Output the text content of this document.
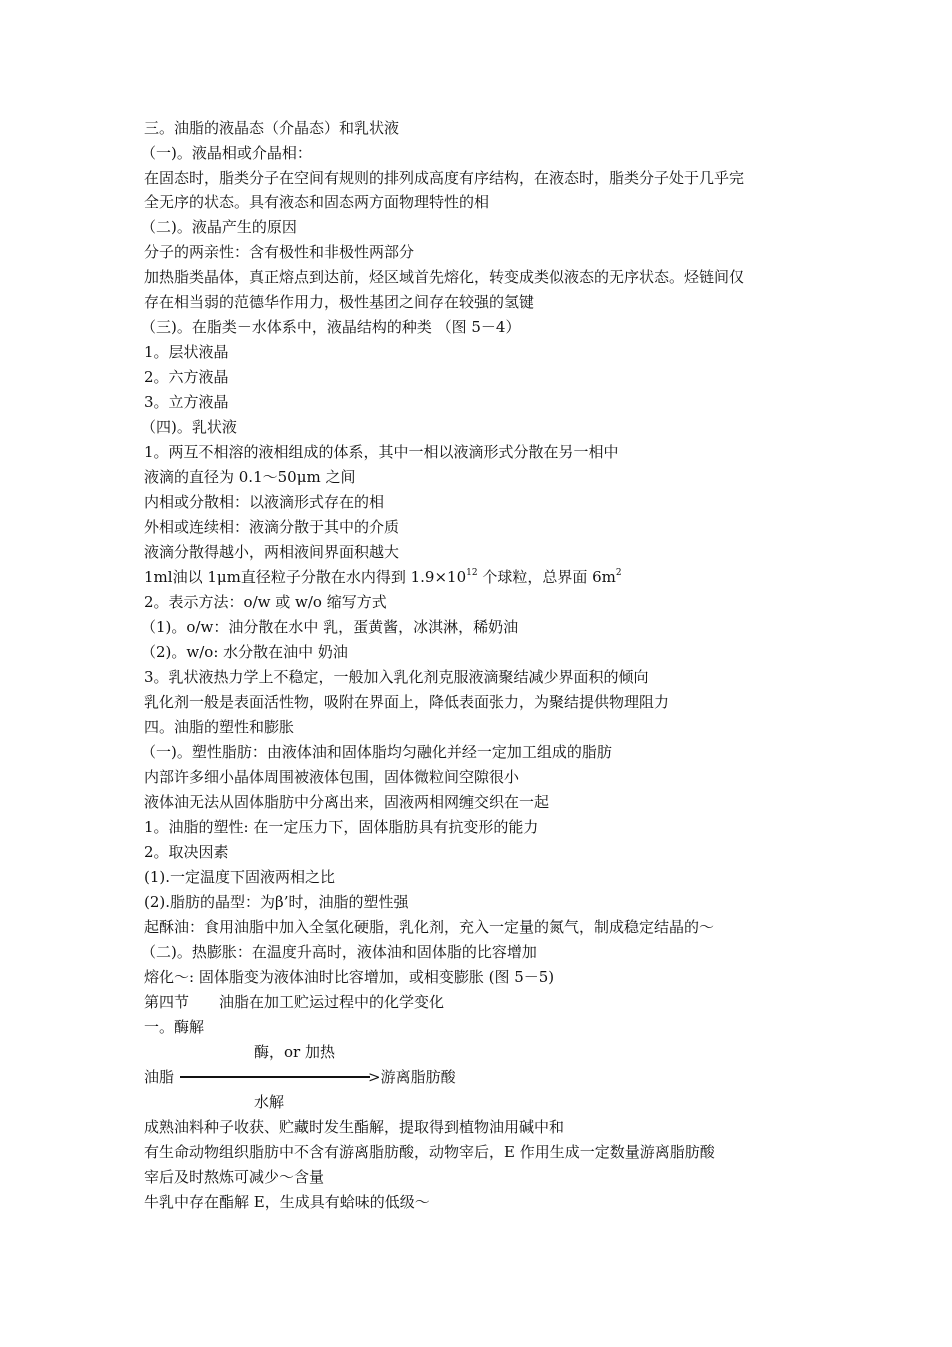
三。油脂的液晶态（介晶态）和乳状液

（一)。液晶相或介晶相：

在固态时，脂类分子在空间有规则的排列成高度有序结构，在液态时，脂类分子处于几乎完

全无序的状态。具有液态和固态两方面物理特性的相

（二)。液晶产生的原因

分子的两亲性：含有极性和非极性两部分

加热脂类晶体，真正熔点到达前，烃区域首先熔化，转变成类似液态的无序状态。烃链间仅

存在相当弱的范德华作用力，极性基团之间存在较强的氢键

（三)。在脂类－水体系中，液晶结构的种类 （图 5－4）

1。层状液晶

2。六方液晶

3。立方液晶

（四)。乳状液

1。两互不相溶的液相组成的体系，其中一相以液滴形式分散在另一相中

液滴的直径为 0.1～50μm 之间

内相或分散相：以液滴形式存在的相

外相或连续相：液滴分散于其中的介质

液滴分散得越小，两相液间界面积越大

1ml油以 1μm直径粒子分散在水内得到 $1.9\times 10^{12}$ 个球粒，总界面 $6m^2$

2。表示方法：o/w 或 w/o 缩写方式

（1)。o/w：油分散在水中 乳，蛋黄酱，冰淇淋，稀奶油

（2)。w/o: 水分散在油中 奶油

3。乳状液热力学上不稳定，一般加入乳化剂克服液滴聚结减少界面积的倾向

乳化剂一般是表面活性物，吸附在界面上，降低表面张力，为聚结提供物理阻力

四。油脂的塑性和膨胀

（一)。塑性脂肪：由液体油和固体脂均匀融化并经一定加工组成的脂肪

内部许多细小晶体周围被液体包围，固体微粒间空隙很小

液体油无法从固体脂肪中分离出来，固液两相网缠交织在一起

1。油脂的塑性: 在一定压力下，固体脂肪具有抗变形的能力

2。取决因素

(1).一定温度下固液两相之比

(2).脂肪的晶型：为β’时，油脂的塑性强

起酥油：食用油脂中加入全氢化硬脂，乳化剂，充入一定量的氮气，制成稳定结晶的～

（二)。热膨胀：在温度升高时，液体油和固体脂的比容增加

熔化～: 固体脂变为液体油时比容增加，或相变膨胀 (图 5－5)

第四节　　油脂在加工贮运过程中的化学变化

一。酶解

酶，or 加热
油脂	>游离脂肪酸
水解

成熟油料种子收获、贮藏时发生酯解，提取得到植物油用碱中和

有生命动物组织脂肪中不含有游离脂肪酸，动物宰后，E 作用生成一定数量游离脂肪酸

宰后及时熬炼可减少～含量

牛乳中存在酯解 E，生成具有蛤味的低级～
